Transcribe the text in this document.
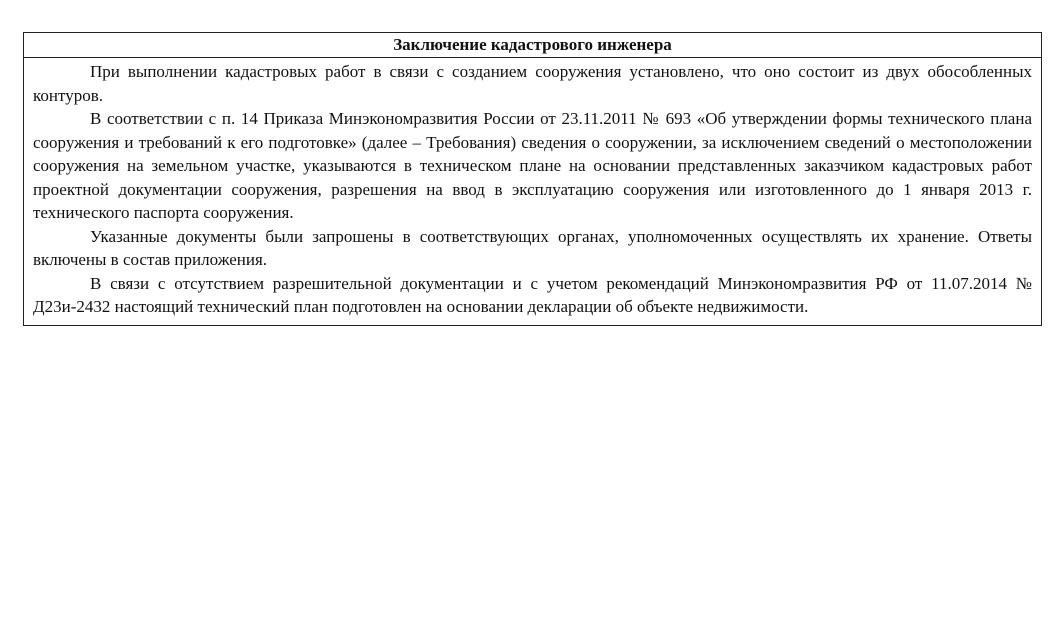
Заключение кадастрового инженера

При выполнении кадастровых работ в связи с созданием сооружения установлено, что оно состоит из двух обособленных контуров.

В соответствии с п. 14 Приказа Минэкономразвития России от 23.11.2011 № 693 «Об утверждении формы технического плана сооружения и требований к его подготовке» (далее – Требования) сведения о сооружении, за исключением сведений о местоположении сооружения на земельном участке, указываются в техническом плане на основании представленных заказчиком кадастровых работ проектной документации сооружения, разрешения на ввод в эксплуатацию сооружения или изготовленного до 1 января 2013 г. технического паспорта сооружения.

Указанные документы были запрошены в соответствующих органах, уполномоченных осуществлять их хранение. Ответы включены в состав приложения.

В связи с отсутствием разрешительной документации и с учетом рекомендаций Минэкономразвития РФ от 11.07.2014 № Д23и-2432 настоящий технический план подготовлен на основании декларации об объекте недвижимости.
